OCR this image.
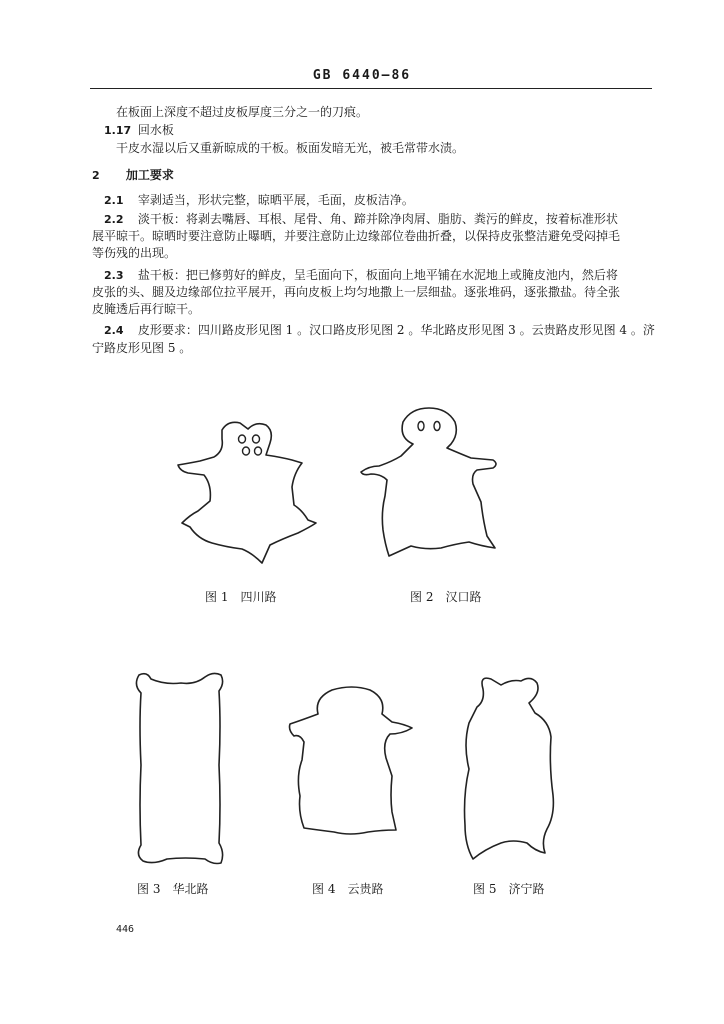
GB 6440—86
在板面上深度不超过皮板厚度三分之一的刀痕。
1.17 回水板
干皮水湿以后又重新晾成的干板。板面发暗无光，被毛常带水渍。
2 加工要求
2.1 宰剥适当，形状完整，晾晒平展，毛面，皮板洁净。
2.2 淡干板：将剥去嘴唇、耳根、尾骨、角、蹄并除净肉屑、脂肪、粪污的鲜皮，按着标准形状
展平晾干。晾晒时要注意防止曝晒，并要注意防止边缘部位卷曲折叠，以保持皮张整洁避免受闷掉毛
等伤残的出现。
2.3 盐干板：把已修剪好的鲜皮，呈毛面向下，板面向上地平铺在水泥地上或腌皮池内，然后将
皮张的头、腿及边缘部位拉平展开，再向皮板上均匀地撒上一层细盐。逐张堆码，逐张撒盐。待全张
皮腌透后再行晾干。
2.4 皮形要求：四川路皮形见图 1 。汉口路皮形见图 2 。华北路皮形见图 3 。云贵路皮形见图 4 。济
宁路皮形见图 5 。
图 1　四川路	图 2　汉口路
图 3　华北路	图 4　云贵路	图 5　济宁路
446
